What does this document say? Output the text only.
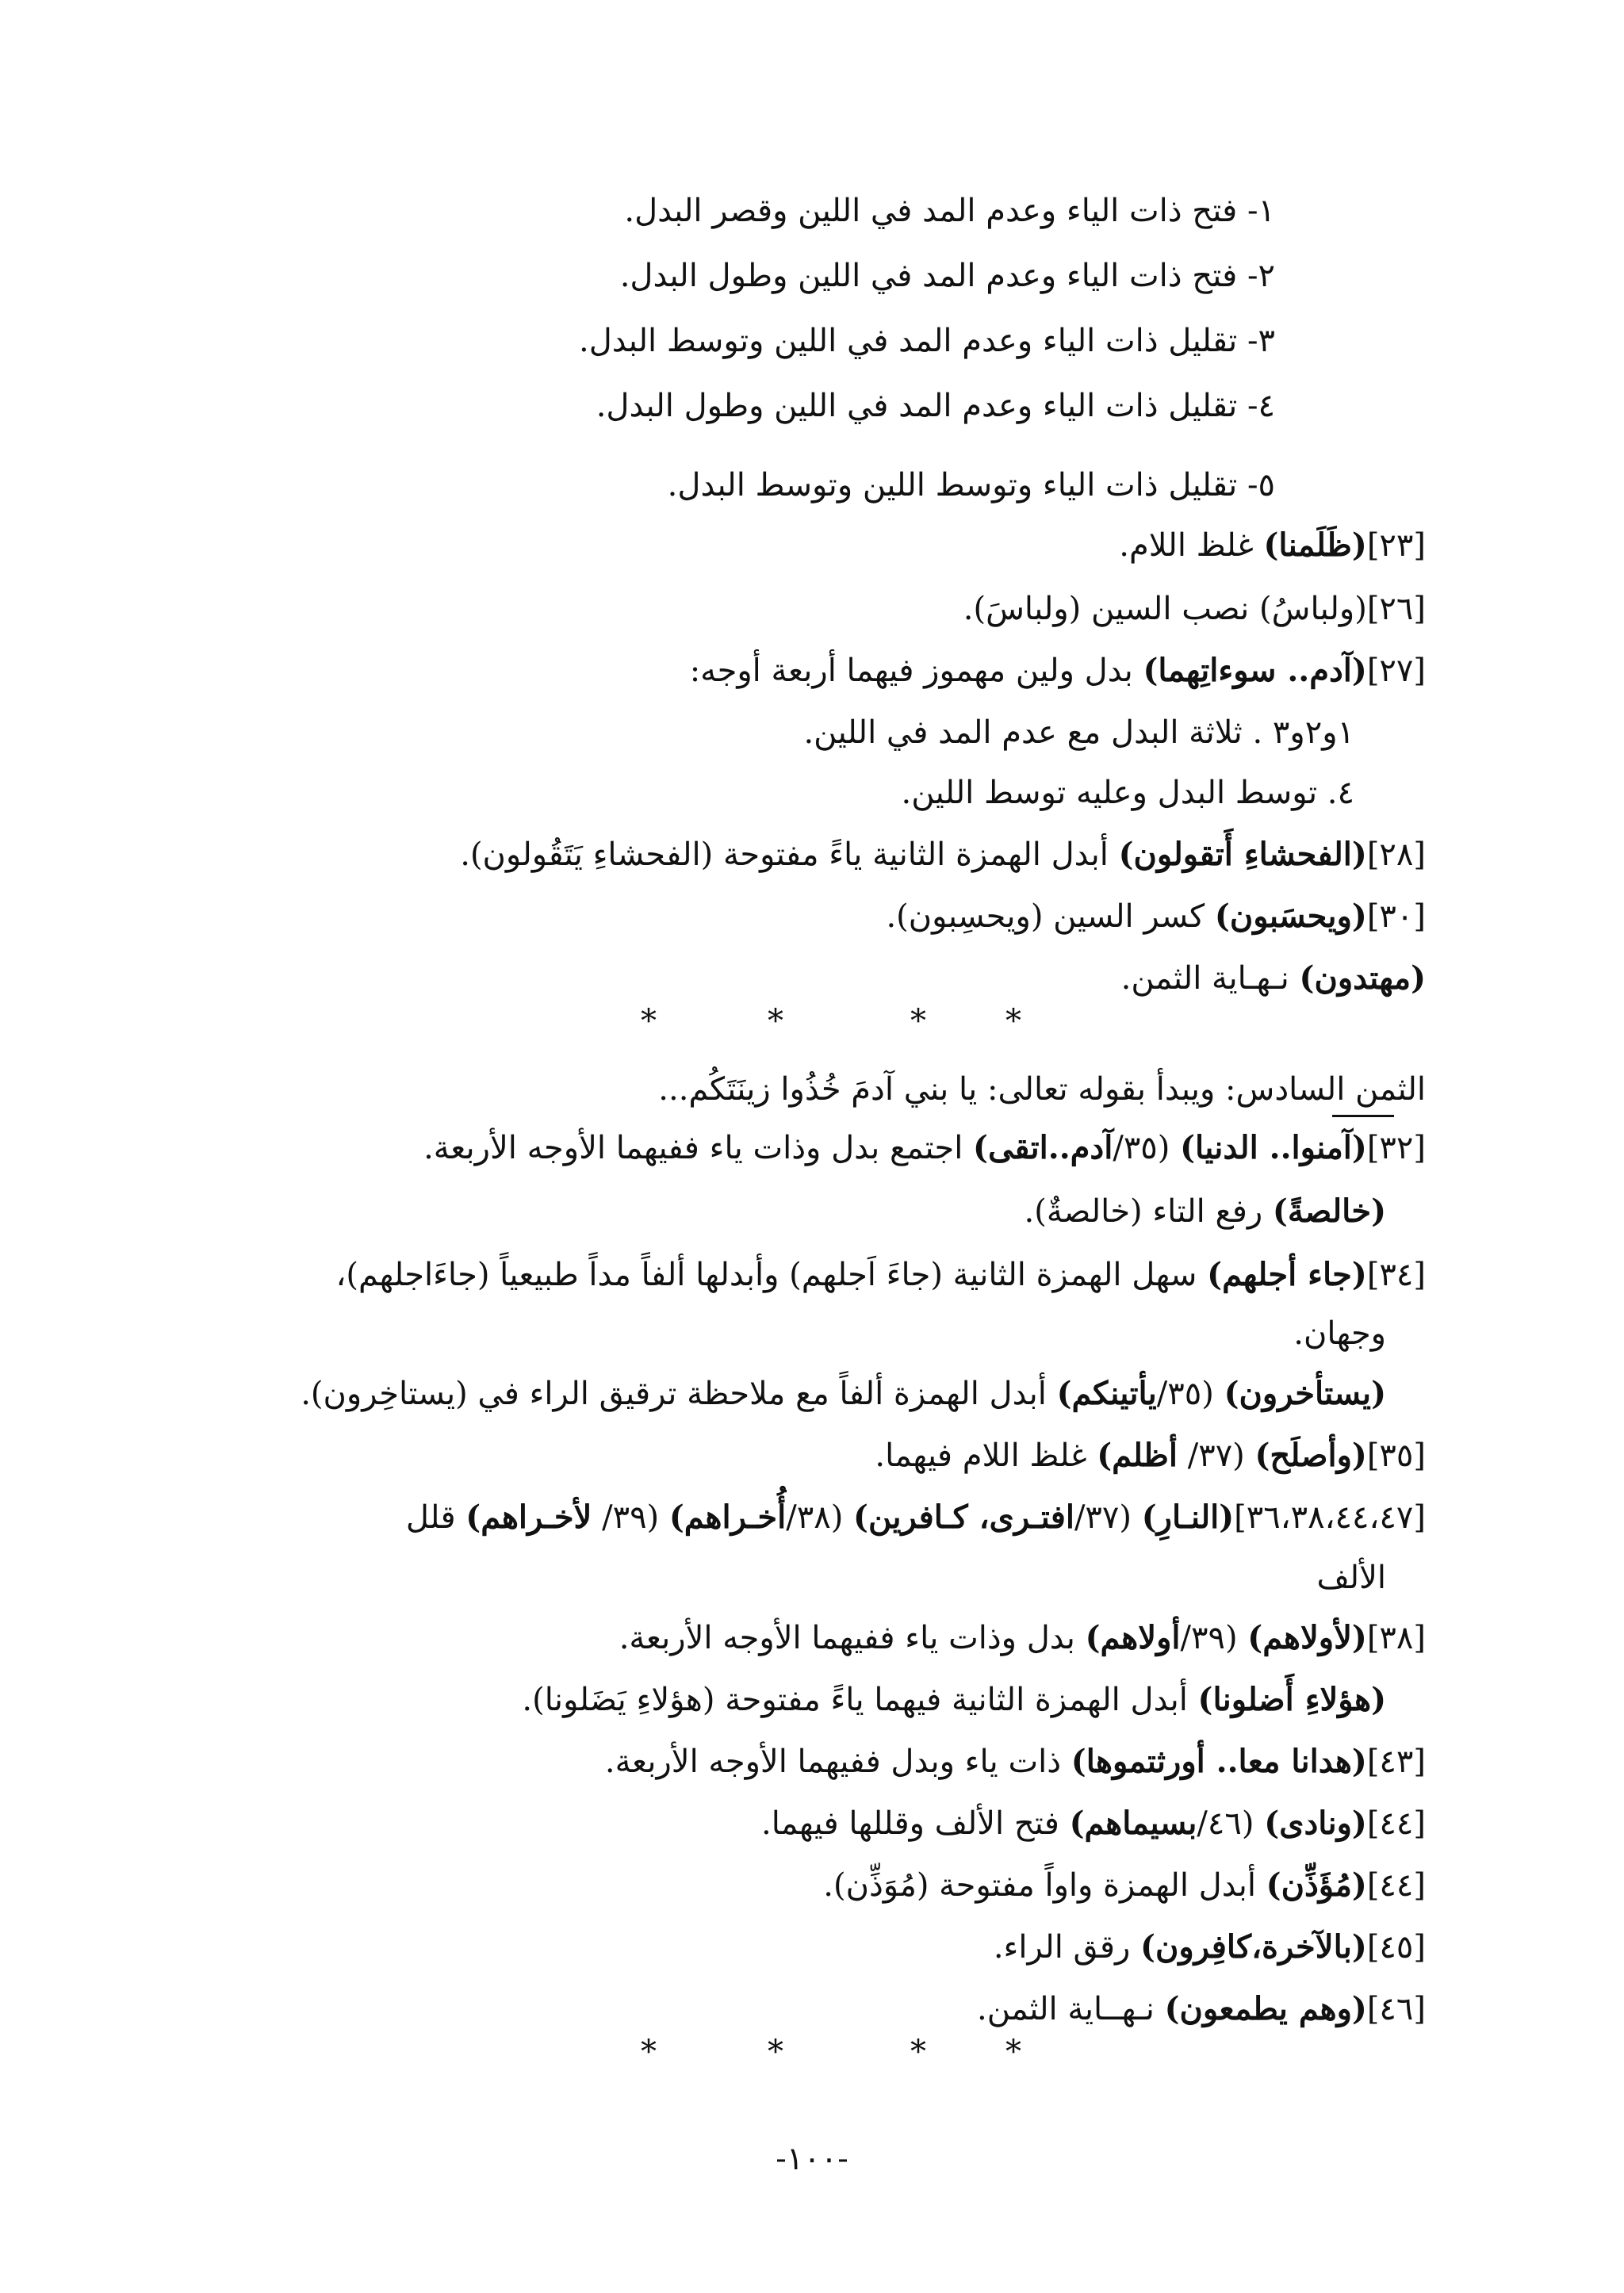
١- فتح ذات الياء وعدم المد في اللين وقصر البدل.
٢- فتح ذات الياء وعدم المد في اللين وطول البدل.
٣- تقليل ذات الياء وعدم المد في اللين وتوسط البدل.
٤- تقليل ذات الياء وعدم المد في اللين وطول البدل.
٥- تقليل ذات الياء وتوسط اللين وتوسط البدل.
[٢٣](ظَلَمنا) غلظ اللام.
[٢٦](ولباسُ) نصب السين (ولباسَ).
[٢٧](آدم.. سوءاتِهما) بدل ولين مهموز فيهما أربعة أوجه:
١و٢و٣ . ثلاثة البدل مع عدم المد في اللين.
٤. توسط البدل وعليه توسط اللين.
[٢٨](الفحشاءِ أَتقولون) أبدل الهمزة الثانية ياءً مفتوحة (الفحشاءِ يَتَقُولون).
[٣٠](ويحسَبون) كسر السين (ويحسِبون).
(مهتدون) نـهـاية الثمن.
*	*	*	*
الثمن السادس: ويبدأ بقوله تعالى: يا بني آدمَ خُذُوا زينَتَكُم...
[٣٢](آمنوا.. الدنيا) (٣٥/آدم..اتقى) اجتمع بدل وذات ياء ففيهما الأوجه الأربعة.
(خالصةً) رفع التاء (خالصةٌ).
[٣٤](جاء أجلهم) سهل الهمزة الثانية (جاءَ اَجلهم) وأبدلها ألفاً مداً طبيعياً (جاءَاجلهم)،
وجهان.
(يستأخرون) (٣٥/يأتينكم) أبدل الهمزة ألفاً مع ملاحظة ترقيق الراء في (يستاخِرون).
[٣٥](وأصلَح) (٣٧/ أظلم) غلظ اللام فيهما.
[٣٦،٣٨،٤٤،٤٧](النـارِ) (٣٧/افتـرى، كـافرين) (٣٨/أُخـراهم) (٣٩/ لأخـراهم) قلل
الألف
[٣٨](لأولاهم) (٣٩/أولاهم) بدل وذات ياء ففيهما الأوجه الأربعة.
(هؤلاءِ أَضلونا) أبدل الهمزة الثانية فيهما ياءً مفتوحة (هؤلاءِ يَضَلونا).
[٤٣](هدانا معا.. أورثتموها) ذات ياء وبدل ففيهما الأوجه الأربعة.
[٤٤](ونادى) (٤٦/بسيماهم) فتح الألف وقللها فيهما.
[٤٤](مُؤَذِّن) أبدل الهمزة واواً مفتوحة (مُوَذِّن).
[٤٥](بالآخرة،كافِرون) رقق الراء.
[٤٦](وهم يطمعون) نـهــاية الثمن.
*	*	*	*
-١٠٠-
